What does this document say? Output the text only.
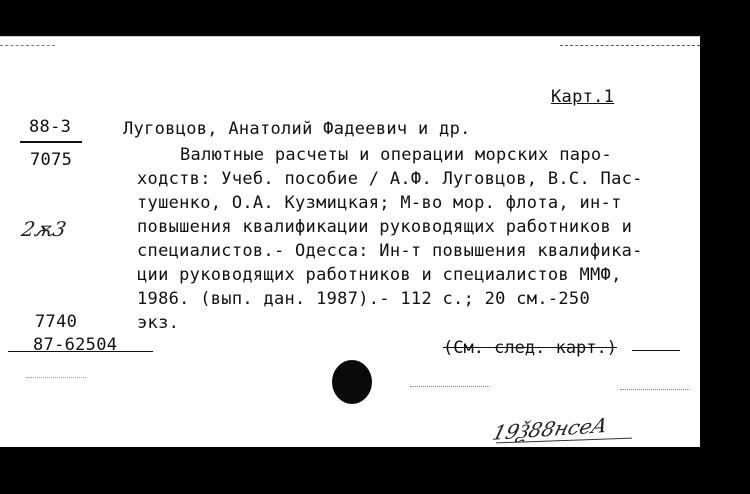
Карт.1
88-3
7075
2ѫ3
Луговцов, Анатолий Фадеевич и др.
Валютные расчеты и операции морских паро-
ходств: Учеб. пособие / А.Ф. Луговцов, В.С. Пас-
тушенко, О.А. Кузмицкая; М-во мор. флота, ин-т
повышения квалификации руководящих работников и
специалистов.- Одесса: Ин-т повышения квалифика-
ции руководящих работников и специалистов ММФ,
1986. (вып. дан. 1987).- 112 с.; 20 см.-250
экз.
7740
87-62504	(См. след. карт.)
19Ѯ88нсеА
